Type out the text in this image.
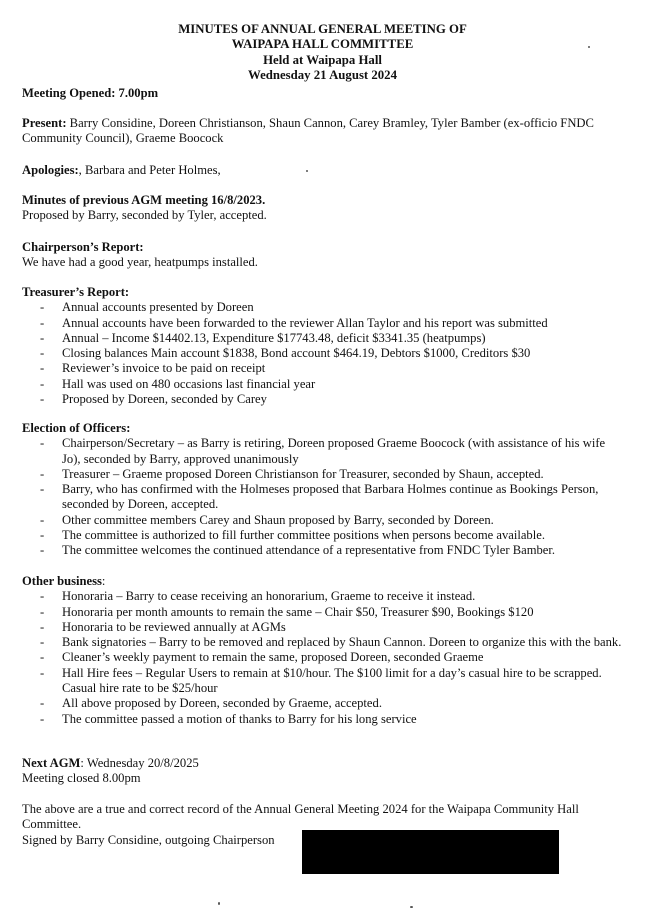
MINUTES OF ANNUAL GENERAL MEETING OF
WAIPAPA HALL COMMITTEE
Held at Waipapa Hall
Wednesday 21 August 2024
Meeting Opened: 7.00pm
Present: Barry Considine, Doreen Christianson, Shaun Cannon, Carey Bramley, Tyler Bamber (ex-officio FNDC Community Council), Graeme Boocock
Apologies:, Barbara and Peter Holmes,
Minutes of previous AGM meeting 16/8/2023.
Proposed by Barry, seconded by Tyler, accepted.
Chairperson’s Report:
We have had a good year, heatpumps installed.
Treasurer’s Report:
- Annual accounts presented by Doreen
- Annual accounts have been forwarded to the reviewer Allan Taylor and his report was submitted
- Annual – Income $14402.13, Expenditure $17743.48, deficit $3341.35 (heatpumps)
- Closing balances Main account $1838, Bond account $464.19, Debtors $1000, Creditors $30
- Reviewer’s invoice to be paid on receipt
- Hall was used on 480 occasions last financial year
- Proposed by Doreen, seconded by Carey
Election of Officers:
- Chairperson/Secretary – as Barry is retiring, Doreen proposed Graeme Boocock (with assistance of his wife Jo), seconded by Barry, approved unanimously
- Treasurer – Graeme proposed Doreen Christianson for Treasurer, seconded by Shaun, accepted.
- Barry, who has confirmed with the Holmeses proposed that Barbara Holmes continue as Bookings Person, seconded by Doreen, accepted.
- Other committee members Carey and Shaun proposed by Barry, seconded by Doreen.
- The committee is authorized to fill further committee positions when persons become available.
- The committee welcomes the continued attendance of a representative from FNDC Tyler Bamber.
Other business:
- Honoraria – Barry to cease receiving an honorarium, Graeme to receive it instead.
- Honoraria per month amounts to remain the same – Chair $50, Treasurer $90, Bookings $120
- Honoraria to be reviewed annually at AGMs
- Bank signatories – Barry to be removed and replaced by Shaun Cannon. Doreen to organize this with the bank.
- Cleaner’s weekly payment to remain the same, proposed Doreen, seconded Graeme
- Hall Hire fees – Regular Users to remain at $10/hour. The $100 limit for a day’s casual hire to be scrapped. Casual hire rate to be $25/hour
- All above proposed by Doreen, seconded by Graeme, accepted.
- The committee passed a motion of thanks to Barry for his long service
Next AGM: Wednesday 20/8/2025
Meeting closed 8.00pm
The above are a true and correct record of the Annual General Meeting 2024 for the Waipapa Community Hall Committee.
Signed by Barry Considine, outgoing Chairperson
